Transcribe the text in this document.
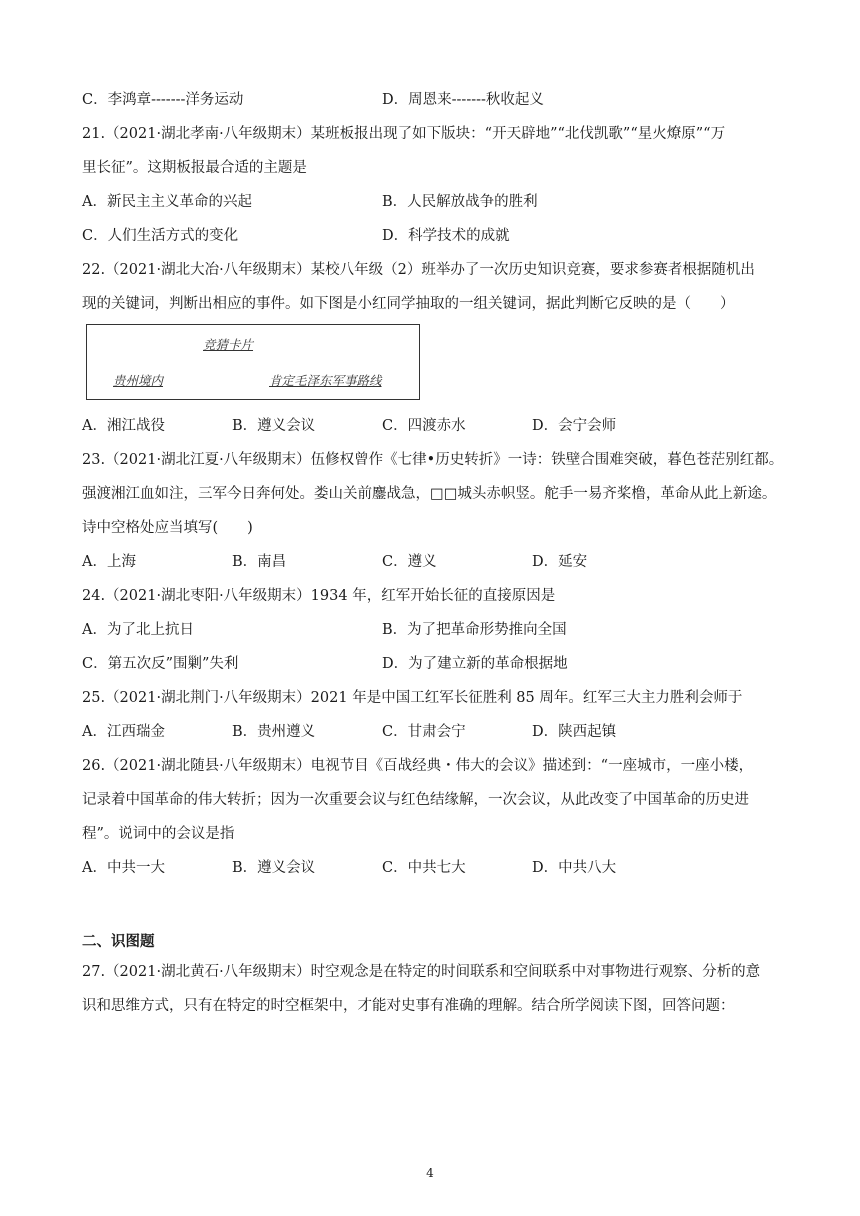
C．李鸿章-------洋务运动	D．周恩来-------秋收起义
21.（2021·湖北孝南·八年级期末）某班板报出现了如下版块：“开天辟地”“北伐凯歌”“星火燎原”“万
里长征”。这期板报最合适的主题是
A．新民主主义革命的兴起	B．人民解放战争的胜利
C．人们生活方式的变化	D．科学技术的成就
22.（2021·湖北大冶·八年级期末）某校八年级（2）班举办了一次历史知识竞赛，要求参赛者根据随机出
现的关键词，判断出相应的事件。如下图是小红同学抽取的一组关键词，据此判断它反映的是（　　）
竞猜卡片
贵州境内	肯定毛泽东军事路线
A．湘江战役	B．遵义会议	C．四渡赤水	D．会宁会师
23.（2021·湖北江夏·八年级期末）伍修权曾作《七律•历史转折》一诗：铁壁合围难突破，暮色苍茫别红都。
强渡湘江血如注，三军今日奔何处。娄山关前鏖战急，□□城头赤帜竖。舵手一易齐桨橹，革命从此上新途。
诗中空格处应当填写(　　)
A．上海	B．南昌	C．遵义	D．延安
24.（2021·湖北枣阳·八年级期末）1934 年，红军开始长征的直接原因是
A．为了北上抗日	B．为了把革命形势推向全国
C．第五次反”围剿”失利	D．为了建立新的革命根据地
25.（2021·湖北荆门·八年级期末）2021 年是中国工红军长征胜利 85 周年。红军三大主力胜利会师于
A．江西瑞金	B．贵州遵义	C．甘肃会宁	D．陕西起镇
26.（2021·湖北随县·八年级期末）电视节目《百战经典・伟大的会议》描述到：“一座城市，一座小楼，
记录着中国革命的伟大转折；因为一次重要会议与红色结缘解，一次会议，从此改变了中国革命的历史进
程”。说词中的会议是指
A．中共一大	B．遵义会议	C．中共七大	D．中共八大
二、识图题
27.（2021·湖北黄石·八年级期末）时空观念是在特定的时间联系和空间联系中对事物进行观察、分析的意
识和思维方式，只有在特定的时空框架中，才能对史事有准确的理解。结合所学阅读下图，回答问题：
4
